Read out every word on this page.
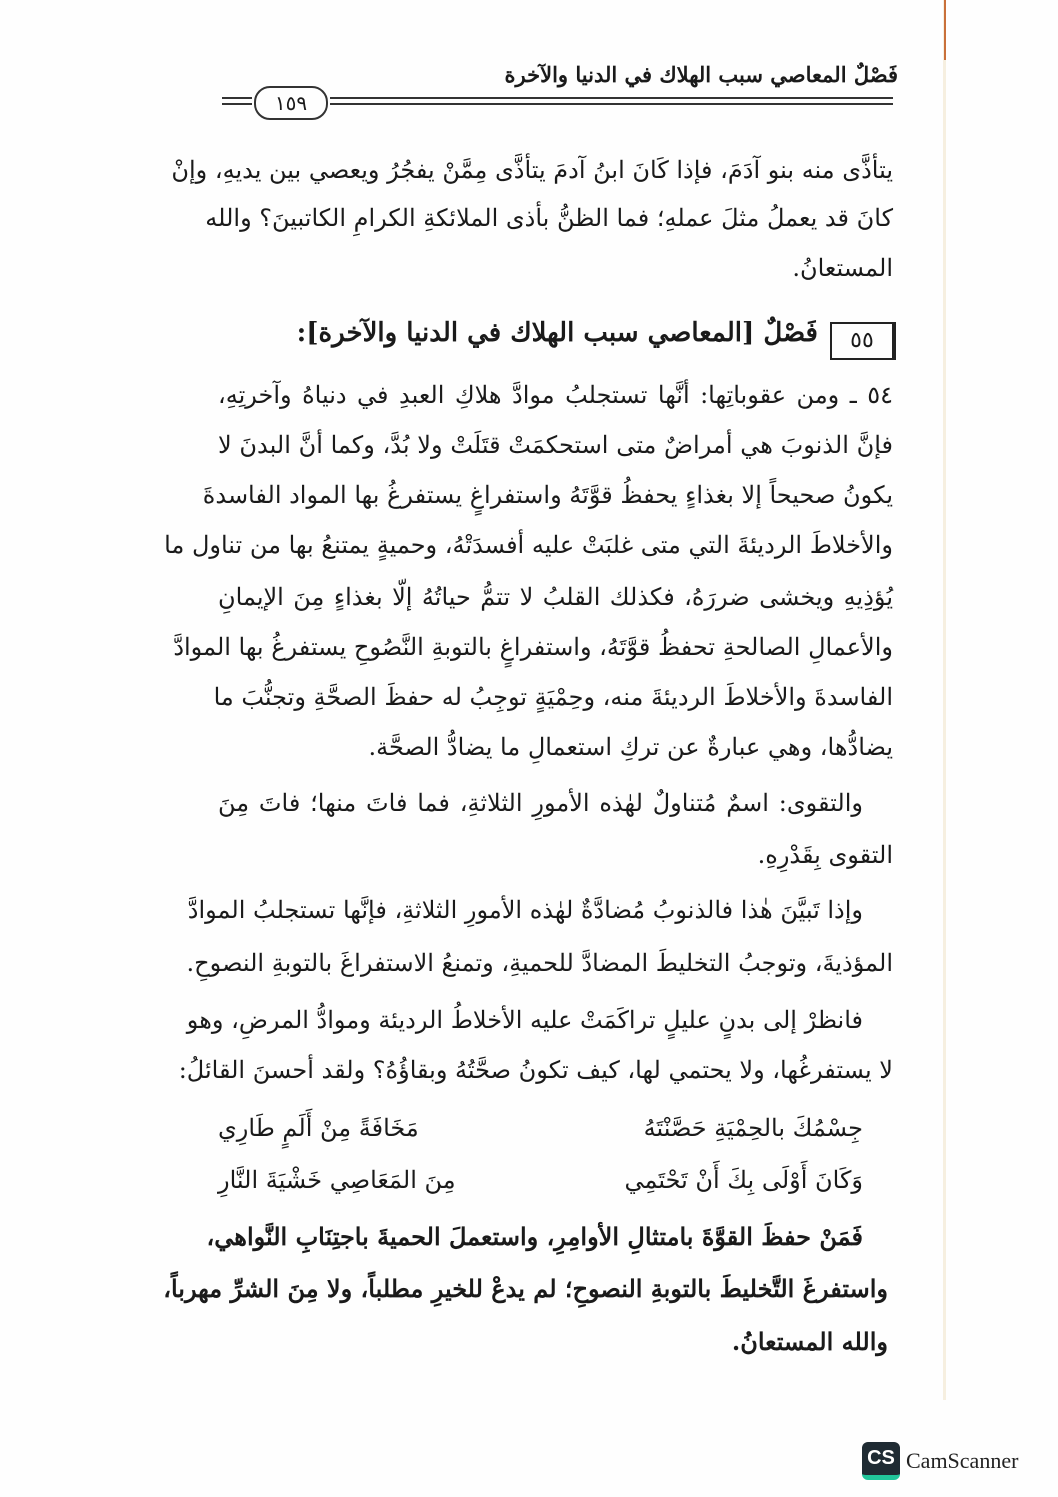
فَصْلٌ المعاصي سبب الهلاك في الدنيا والآخرة
١٥٩
يتأذَّى منه بنو آدَمَ، فإذا كَانَ ابنُ آدمَ يتأذَّى مِمَّنْ يفجُرُ ويعصي بين يديهِ، وإنْ
كانَ قد يعملُ مثلَ عملهِ؛ فما الظنُّ بأذى الملائكةِ الكرامِ الكاتبينَ؟ والله
المستعانُ.
٥٥
فَصْلٌ [المعاصي سبب الهلاك في الدنيا والآخرة]:
٥٤ ـ ومن عقوباتِها: أنَّها تستجلبُ موادَّ هلاكِ العبدِ في دنياهُ وآخرتِهِ،
فإنَّ الذنوبَ هي أمراضٌ متى استحكمَتْ قتَلَتْ ولا بُدَّ، وكما أنَّ البدنَ لا
يكونُ صحيحاً إلا بغذاءٍ يحفظُ قوَّتَهُ واستفراغٍ يستفرغُ بها المواد الفاسدةَ
والأخلاطَ الرديئةَ التي متى غلبَتْ عليه أفسدَتْهُ، وحميةٍ يمتنعُ بها من تناول ما
يُؤذِيهِ ويخشى ضررَهُ، فكذلك القلبُ لا تتمُّ حياتُهُ إلّا بغذاءٍ مِنَ الإيمانِ
والأعمالِ الصالحةِ تحفظُ قوَّتَهُ، واستفراغٍ بالتوبةِ النَّصُوحِ يستفرغُ بها الموادَّ
الفاسدةَ والأخلاطَ الرديئةَ منه، وحِمْيَةٍ توجِبُ له حفظَ الصحَّةِ وتجنُّبَ ما
يضادُّها، وهي عبارةٌ عن تركِ استعمالِ ما يضادُّ الصحَّة.
والتقوى: اسمٌ مُتناولٌ لهٰذه الأمورِ الثلاثةِ، فما فاتَ منها؛ فاتَ مِنَ
التقوى بِقَدْرِهِ.
وإذا تَبيَّنَ هٰذا فالذنوبُ مُضادَّةٌ لهٰذه الأمورِ الثلاثةِ، فإنَّها تستجلبُ الموادَّ
المؤذيةَ، وتوجبُ التخليطَ المضادَّ للحميةِ، وتمنعُ الاستفراغَ بالتوبةِ النصوحِ.
فانظرْ إلى بدنٍ عليلٍ تراكَمَتْ عليه الأخلاطُ الرديئة وموادُّ المرضِ، وهو
لا يستفرغُها، ولا يحتمي لها، كيف تكونُ صحَّتُهُ وبقاؤُهُ؟ ولقد أحسنَ القائلُ:
جِسْمُكَ بالحِمْيَةِ حَصَّنْتَهُ
مَخَافَةً مِنْ أَلَمٍ طَارِي
وَكَانَ أَوْلَى بِكَ أَنْ تَحْتَمِي
مِنَ المَعَاصِي خَشْيَةَ النَّارِ
فَمَنْ حفظَ القوَّةَ بامتثالِ الأوامِرِ، واستعملَ الحميةَ باجتِنَابِ النَّواهي،
واستفرغَ التَّخليطَ بالتوبةِ النصوحِ؛ لم يدعْ للخيرِ مطلباً، ولا مِنَ الشرِّ مهرباً،
والله المستعانُ.
CS CamScanner
